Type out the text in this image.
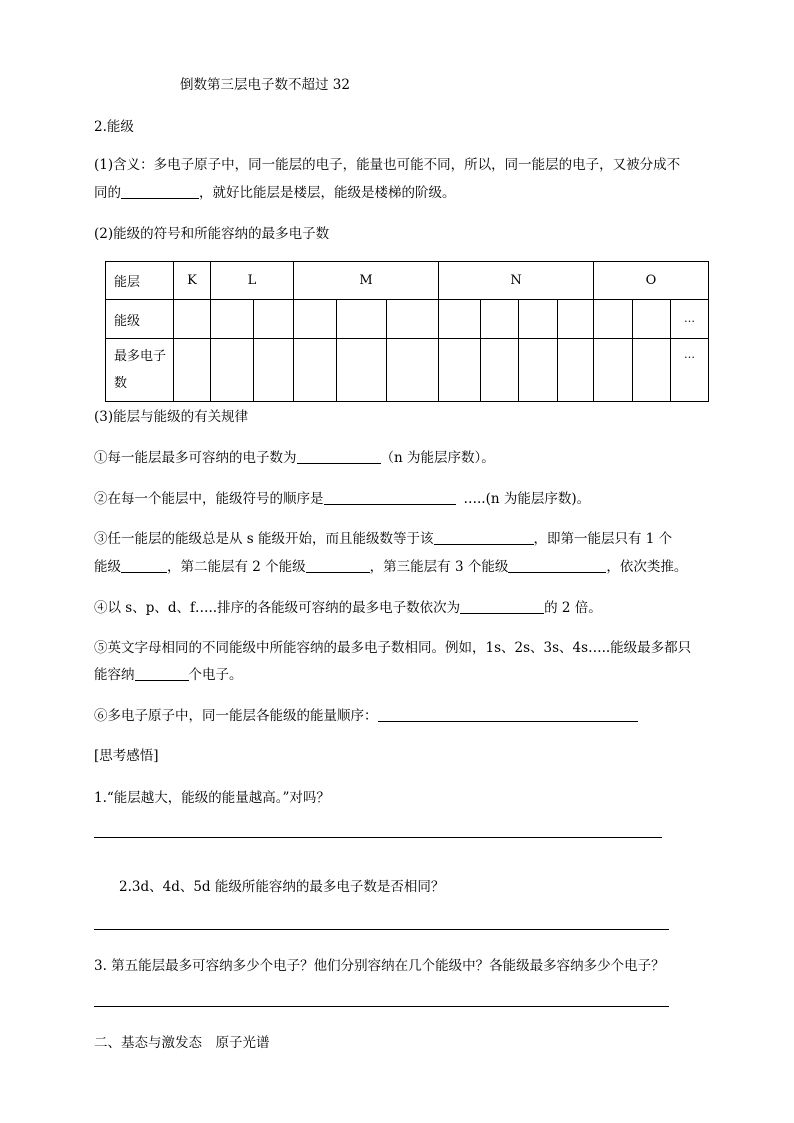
倒数第三层电子数不超过 32
2.能级
(1)含义：多电子原子中，同一能层的电子，能量也可能不同，所以，同一能层的电子，又被分成不
同的	，就好比能层是楼层，能级是楼梯的阶级。
(2)能级的符号和所能容纳的最多电子数
能层	K	L		M			N				O		
能级													…
最多电子数													…
(3)能层与能级的有关规律
①每一能层最多可容纳的电子数为	（n 为能层序数）。
②在每一个能层中，能级符号的顺序是	…..(n 为能层序数)。
③任一能层的能级总是从 s 能级开始，而且能级数等于该	，即第一能层只有 1 个
能级	，第二能层有 2 个能级	，第三能层有 3 个能级	，依次类推。
④以 s、p、d、f…..排序的各能级可容纳的最多电子数依次为	的 2 倍。
⑤英文字母相同的不同能级中所能容纳的最多电子数相同。例如，1s、2s、3s、4s…..能级最多都只
能容纳	个电子。
⑥多电子原子中，同一能层各能级的能量顺序：
[思考感悟]
1.“能层越大，能级的能量越高。”对吗？
2.3d、4d、5d 能级所能容纳的最多电子数是否相同？
3. 第五能层最多可容纳多少个电子？他们分别容纳在几个能级中？各能级最多容纳多少个电子？
二、基态与激发态　原子光谱
